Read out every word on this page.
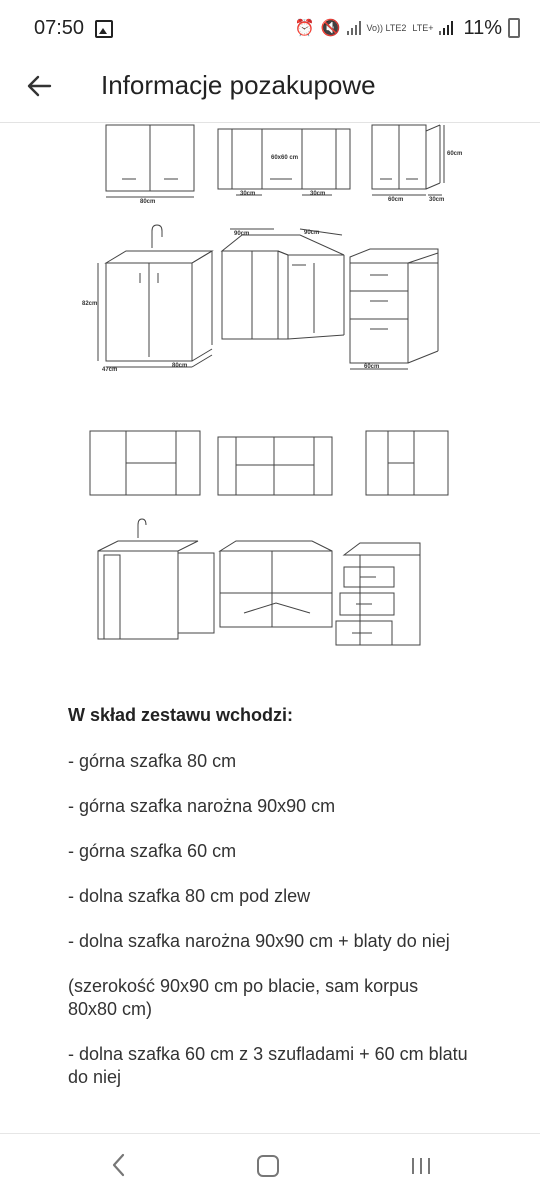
07:50	⏰ 🔇	Vo)) LTE2 LTE+ 11%
Informacje pozakupowe
80cm
60x60 cm
30cm	30cm
60cm
60cm	30cm
90cm	90cm
82cm
47cm
80cm	60cm
W skład zestawu wchodzi:
- górna szafka 80 cm
- górna szafka narożna 90x90 cm
- górna szafka 60 cm
- dolna szafka 80 cm pod zlew
- dolna szafka narożna 90x90 cm + blaty do niej
(szerokość 90x90 cm po blacie, sam korpus 80x80 cm)
- dolna szafka 60 cm z 3 szufladami + 60 cm blatu do niej
